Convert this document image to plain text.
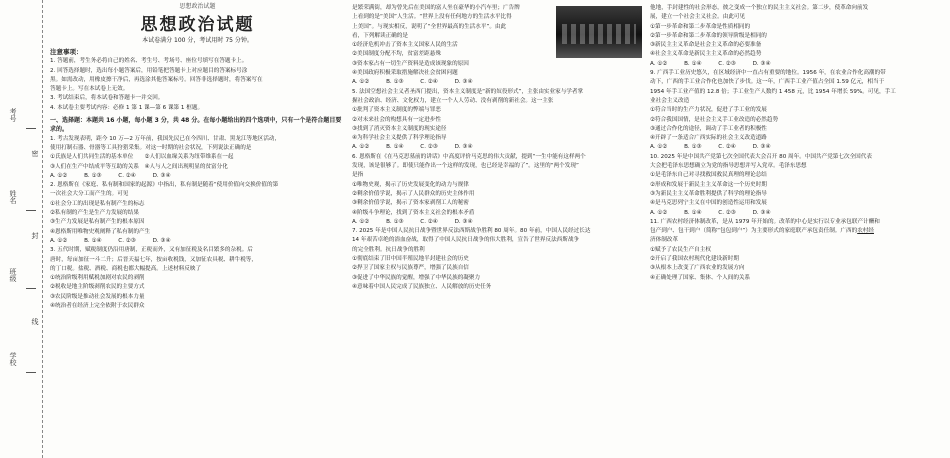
考号
姓名
班级
学校
密
封
线
思想政治试题
思想政治试题
本试卷满分 100 分，考试用时 75 分钟。
注意事项：

1. 答题前，考生务必将自己的姓名、考生号、考场号、座位号填写在答题卡上。

2. 回答选择题时，选出每小题答案后，用铅笔把答题卡上对应题目的答案标号涂

黑。如需改动，用橡皮擦干净后，再选涂其他答案标号。回答非选择题时，将答案写在

答题卡上。写在本试卷上无效。

3. 考试结束后，将本试卷和答题卡一并交回。

4. 本试卷主要考试内容：必修 1 第 1 课—第 6 课第 1 框题。

一、选择题：本题共 16 小题，每小题 3 分，共 48 分。在每小题给出的四个选项中，只有一个是符合题目要求的。

1. 考古发现表明，距今 10 万—2 万年前，我国先民已在今四川、甘肃、黑龙江等地区活动，

使用打制石器、骨器等工具狩猎采集。对这一时期的社会状况，下列说法正确的是

①氏族是人们共同生活的基本单位　　②人们以血缘关系为纽带维系在一起

③人们在生产中结成平等互助的关系　④人与人之间出现明显的贫富分化

A. ①②　　　B. ①③　　　C. ②④　　　D. ③④

2. 恩格斯在《家庭、私有制和国家的起源》中指出，私有制是随着“使用价值向交换价值的第

一次社会大分工而产生的。可见

①社会分工的出现是私有制产生的标志

②私有制的产生是生产力发展的结果

③生产力发展是私有制产生的根本原因

④恩格斯用唯物史观阐释了私有制的产生

A. ①②　　　B. ①④　　　C. ②③　　　D. ③④

3. 五代时期，赋税制度仍沿用唐制，正税而外，又有加征税及名目繁多的杂税。后

唐时，每亩加征一斗二升；后晋天福七年，按亩收税钱，又加征农具税、耕牛税等，

的丁口税。盐税、酒税、商税也都大幅提高。上述材料反映了

①统治阶级利用赋税加剧对农民的剥削

②税收是地主阶级剥削农民的主要方式

③农民阶级是推动社会发展的根本力量

④统治者在经济上完全依附于农民群众

是繁荣满街，却为曾先后在美国的富人坐在豪华的小汽车里；广告牌

上看到的是“美国”人生活。“世界上没有任何地方的生活水平比得

上美国”。与现实相反，说明了“全世界最高的生活水平”。由此

看，下列解读正确的是

①经济危机冲击了资本主义国家人民的生活

②美国制度分配不均，贫富差距悬殊

③资本家占有一切生产资料是造成该现象的原因

④美国政府积极采取措施解决社会贫困问题

A. ①②　　　B. ①③　　　C. ②④　　　D. ③④

5. 法国空想社会主义者圣西门提出，资本主义制度是“新的奴役形式”，主张由实业家与学者掌

握社会政治、经济、文化权力，建立一个人人劳动、没有剥削的新社会。这一主张

①批判了资本主义制度的弊端与罪恶

②对未来社会的构想具有一定进步性

③找到了消灭资本主义制度的现实途径

④为科学社会主义提供了科学理论指导

A. ①②　　　B. ①④　　　C. ②③　　　D. ③④

6. 恩格斯在《在马克思墓前的讲话》中高度评价马克思的伟大贡献，提到“一生中能有这样两个

发现，该是很够了。即使只能作出一个这样的发现，也已经是幸福的了”。这里的“两个发现”

是指

①唯物史观，揭示了历史发展变化的动力与规律

②剩余价值学说，揭示了人民群众的历史主体作用

③剩余价值学说，揭示了资本家剥削工人的秘密

④阶级斗争理论，找到了资本主义社会的根本矛盾

A. ①②　　　B. ①③　　　C. ②④　　　D. ③④

7. 2025 年是中国人民抗日战争暨世界反法西斯战争胜利 80 周年。80 年前，中国人民经过长达

14 年艰苦卓绝的浴血奋战，取得了中国人民抗日战争的伟大胜利，宣告了世界反法西斯战争

的完全胜利。抗日战争的胜利

①彻底结束了旧中国半殖民地半封建社会的历史

②捍卫了国家主权与民族尊严，增强了民族自信

③促进了中华民族的觉醒，增强了中华民族的凝聚力

④意味着中国人民完成了民族独立、人民解放的历史任务

他地，手封建性的社会形态，彼之变成一个独立的民主主义社会。第二步，使革命向前发

展，建立一个社会主义社会。由此可见

①第一步革命和第二步革命是性质相同的

②第一步革命和第二步革命的领导阶级是相同的

③新民主主义革命是社会主义革命的必要准备

④社会主义革命是新民主主义革命的必然趋势

A. ①②　　　B. ①④　　　C. ②③　　　D. ③④

9. 广西手工业历史悠久，在区域经济中一直占有重要的地位。1956 年，在农业合作化高潮的带

动下，广西的手工业合作化也加快了步伐。这一年，广西手工业产值占全国 1.59 亿元，相当于

1954 年手工业产值的 12.8 倍；手工业生产人数约 1 458 元，比 1954 年增长 59%。可见，手工

业社会主义改造

①符合当时的生产力状况，促进了手工业的发展

②符合我国国情，是社会主义手工业改造的必然趋势

③通过合作化的途径，调动了手工业者的积极性

④开辟了一条适合广西实际的社会主义改造道路

A. ①②　　　B. ①③　　　C. ②④　　　D. ③④

10. 2025 年是中国共产党第七次全国代表大会召开 80 周年。中国共产党第七次全国代表

大会把毛泽东思想确立为党的指导思想并写入党章。毛泽东思想

①是毛泽东自己对寻找救国救民真理的理论总结

②形成和发展于新民主主义革命这一个历史时期

③为新民主主义革命胜利提供了科学的理论指导

④是马克思列宁主义在中国的创造性运用和发展

A. ①②　　　B. ①④　　　C. ②③　　　D. ③④

11. 广西农村经济体制改革，是从 1979 年开始的。改革的中心是实行以专业承包联产计酬和

包产到户、包干到户（简称“包包到户”）为主要形式的家庭联产承包责任制。广西的农村经

济体制改革

①赋予了农民生产自主权

②开启了我国农村现代化建设新时期

③从根本上改变了广西农业的发展方向

④正确处理了国家、集体、个人间的关系
